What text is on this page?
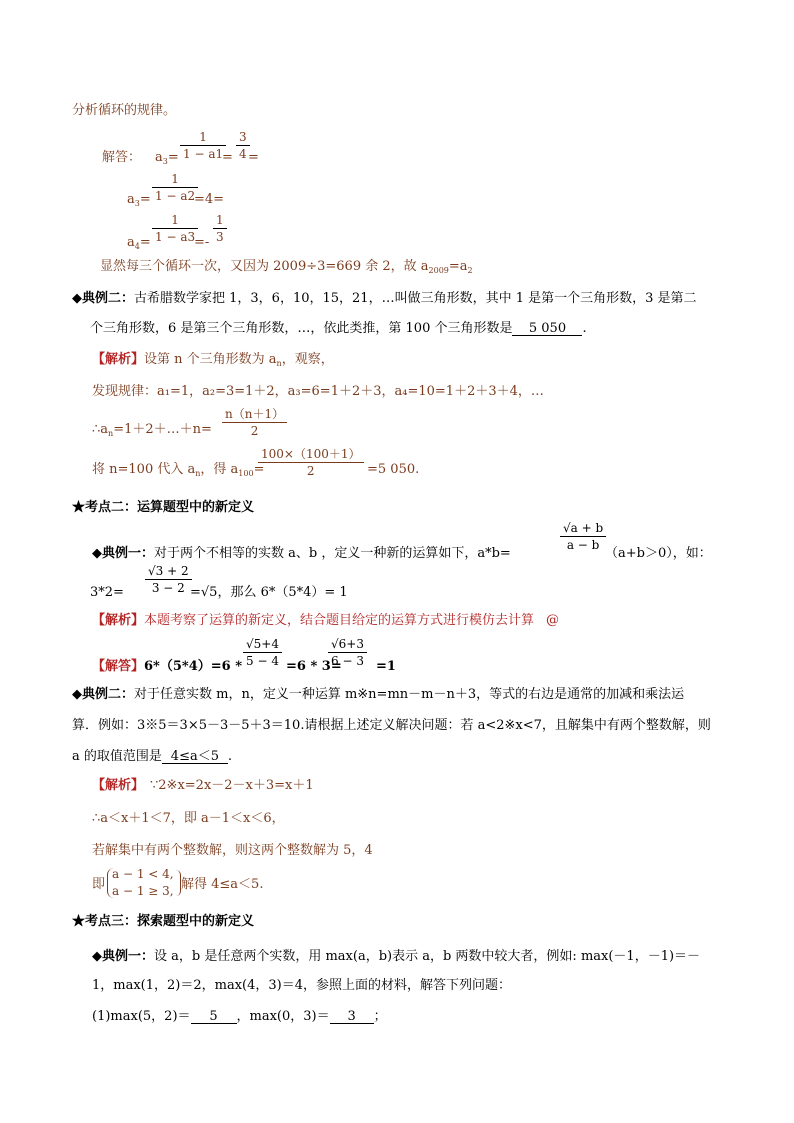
分析循环的规律。
解答： $a_3= \frac{1}{1 - a1}$
= $\frac{3}{4}$
=
$a_3= \frac{1}{1 - a2}$
=4=
$a_4= \frac{1}{1 - a3}$
=- $\frac{1}{3}$
显然每三个循环一次，又因为 2009÷3=669 余 2，故 $a_{2009}=a_2$
◆典例二：古希腊数学家把 1，3，6，10，15，21，…叫做三角形数，其中 1 是第一个三角形数，3 是第二
个三角形数，6 是第三个三角形数，…，依此类推，第 100 个三角形数是 5 050 .
【解析】设第 n 个三角形数为 $a_n$，观察，
发现规律：a₁=1，a₂=3=1＋2，a₃=6=1＋2＋3，a₄=10=1＋2＋3＋4，…
$\therefore a_n=1+2+\dots+n= \frac{n(n+1)}{2}$
将 n=100 代入 $a_n$，得 $a_{100}=$
$\frac{100\times(100+1)}{2} =5$ 050.
★考点二：运算题型中的新定义
◆典例一：对于两个不相等的实数 a、b ，定义一种新的运算如下，a*b=
$\frac{√a + b}{a - b}$
（a+b＞0），如：
$3*2= \frac{√3 + 2}{3 - 2}$
=√5，那么 6*（5*4）= 1
【解析】本题考察了运算的新定义，结合题目给定的运算方式进行模仿去计算 @
【解答】$6*(5*4)=6 * \frac{√5+4}{5 - 4} =6 * 3=$
$\frac{√6+3}{6 - 3} =1$
◆典例二：对于任意实数 m，n，定义一种运算 m※n=mn－m－n＋3，等式的右边是通常的加减和乘法运
算．例如：3※5＝3×5－3－5＋3＝10.请根据上述定义解决问题：若 a<2※x<7，且解集中有两个整数解，则
a 的取值范围是 4≤a＜5 .
【解析】 ∵2※x=2x－2－x＋3=x＋1
∴a＜x＋1＜7，即 a－1＜x＜6，
若解集中有两个整数解，则这两个整数解为 5，4
即
a − 1 < 4,
a − 1 ≥ 3, 解得 4≤a＜5.
★考点三：探索题型中的新定义
◆典例一：设 a，b 是任意两个实数，用 max(a，b)表示 a，b 两数中较大者，例如: max(－1，－1)＝－
1，max(1，2)＝2，max(4，3)＝4，参照上面的材料，解答下列问题：
(1)max(5，2)＝ 5 ，max(0，3)＝ 3 ；
